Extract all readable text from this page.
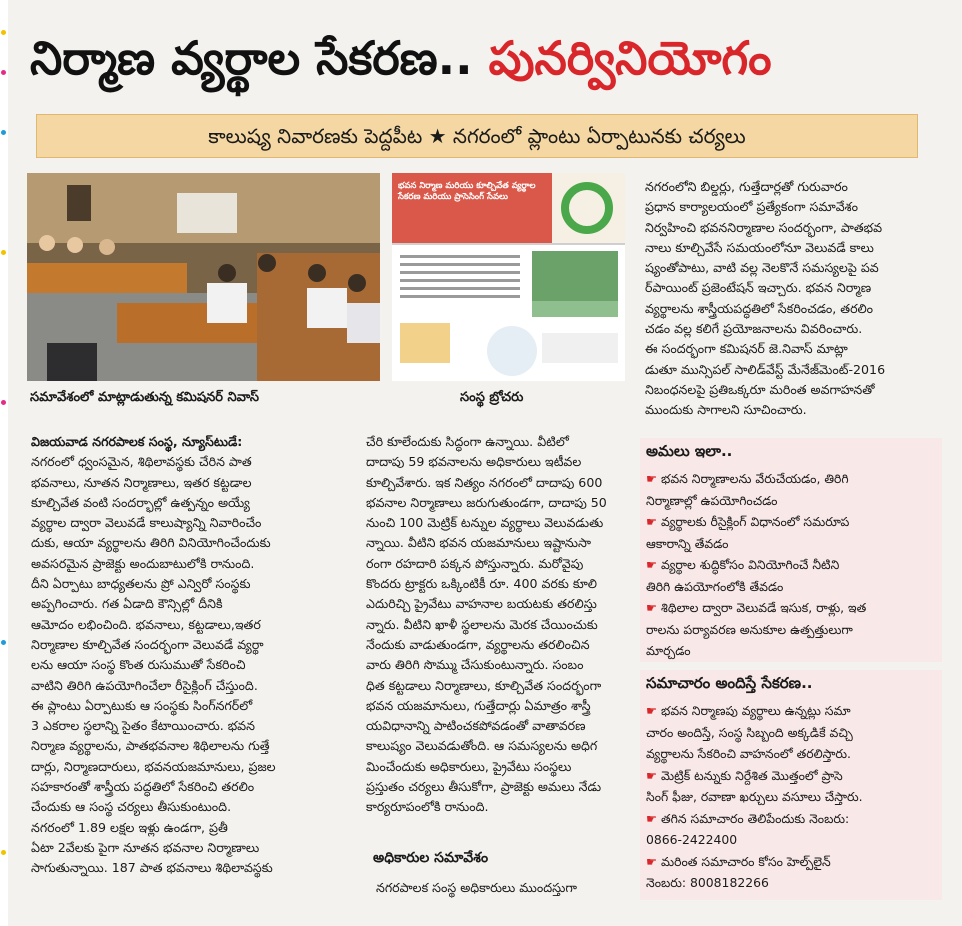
నిర్మాణ వ్యర్థాల సేకరణ.. పునర్వినియోగం
కాలుష్య నివారణకు పెద్దపీట ★ నగరంలో ప్లాంటు ఏర్పాటునకు చర్యలు
సమావేశంలో మాట్లాడుతున్న కమిషనర్ నివాస్
భవన నిర్మాణ మరియు కూల్చివేత వ్యర్థాల సేకరణ మరియు ప్రాసెసింగ్ సేవలు
సంస్థ బ్రోచరు

విజయవాడ నగరపాలక సంస్థ, న్యూస్‌టుడే:

నగరంలో ధ్వంసమైన, శిథిలావస్థకు చేరిన పాత

భవనాలు, నూతన నిర్మాణాలు, ఇతర కట్టడాల

కూల్చివేత వంటి సందర్భాల్లో ఉత్పన్నం అయ్యే

వ్యర్థాల ద్వారా వెలువడే కాలుష్యాన్ని నివారించేం

దుకు, ఆయా వ్యర్థాలను తిరిగి వినియోగించేందుకు

అవసరమైన ప్రాజెక్టు అందుబాటులోకి రానుంది.

దీని ఏర్పాటు బాధ్యతలను ప్రో ఎన్విరో సంస్థకు

అప్పగించారు. గత ఏడాది కౌన్సిల్లో దీనికి

ఆమోదం లభించింది. భవనాలు, కట్టడాలు,ఇతర

నిర్మాణాల కూల్చివేత సందర్భంగా వెలువడే వ్యర్థా

లను ఆయా సంస్థ కొంత రుసుముతో సేకరించి

వాటిని తిరిగి ఉపయోగించేలా రీసైక్లింగ్ చేస్తుంది.

ఈ ప్లాంటు ఏర్పాటుకు ఆ సంస్థకు సింగ్‌నగర్‌లో

3 ఎకరాల స్థలాన్ని సైతం కేటాయించారు. భవన

నిర్మాణ వ్యర్థాలను, పాతభవనాల శిథిలాలను గుత్తే

దార్లు, నిర్మాణదారులు, భవనయజమానులు, ప్రజల

సహకారంతో శాస్త్రీయ పద్ధతిలో సేకరించి తరలిం

చేందుకు ఆ సంస్థ చర్యలు తీసుకుంటుంది.

నగరంలో 1.89 లక్షల ఇళ్లు ఉండగా, ప్రతీ

ఏటా 2వేలకు పైగా నూతన భవనాల నిర్మాణాలు

సాగుతున్నాయి. 187 పాత భవనాలు శిథిలావస్థకు

చేరి కూలేందుకు సిద్ధంగా ఉన్నాయి. వీటిలో

దాదాపు 59 భవనాలను అధికారులు ఇటీవల

కూల్చివేశారు. ఇక నిత్యం నగరంలో దాదాపు 600

భవనాల నిర్మాణాలు జరుగుతుండగా, దాదాపు 50

నుంచి 100 మెట్రిక్ టన్నుల వ్యర్థాలు వెలువడుతు

న్నాయి. వీటిని భవన యజమానులు ఇష్టానుసా

రంగా రహదారి పక్కన పోస్తున్నారు. మరోవైపు

కొందరు ట్రాక్టరు ఒక్కింటికీ రూ. 400 వరకు కూలి

ఎదురిచ్చి ప్రైవేటు వాహనాల బయటకు తరలిస్తు

న్నారు. వీటిని ఖాళీ స్థలాలను మెరక చేయించుకు

నేందుకు వాడుతుండగా, వ్యర్థాలను తరలించిన

వారు తిరిగి సొమ్ము చేసుకుంటున్నారు. సంబం

ధిత కట్టడాలు నిర్మాణాలు, కూల్చివేత సందర్భంగా

భవన యజమానులు, గుత్తేదార్లు ఏమాత్రం శాస్త్రీ

యవిధానాన్ని పాటించకపోవడంతో వాతావరణ

కాలుష్యం వెలువడుతోంది. ఆ సమస్యలను అధిగ

మించేందుకు అధికారులు, ప్రైవేటు సంస్థలు

ప్రస్తుతం చర్యలు తీసుకోగా, ప్రాజెక్టు అమలు నేడు

కార్యరూపంలోకి రానుంది.

అధికారుల సమావేశం

నగరపాలక సంస్థ అధికారులు ముందస్తుగా

నగరంలోని బిల్డర్లు, గుత్తేదార్లతో గురువారం

ప్రధాన కార్యాలయంలో ప్రత్యేకంగా సమావేశం

నిర్వహించి భవననిర్మాణాల సందర్భంగా, పాతభవ

నాలు కూల్చివేసే సమయంలోనూ వెలువడే కాలు

ష్యంతోపాటు, వాటి వల్ల నెలకొనే సమస్యలపై పవ

ర్‌పాయింట్ ప్రజెంటేషన్ ఇచ్చారు. భవన నిర్మాణ

వ్యర్థాలను శాస్త్రీయపద్ధతిలో సేకరించడం, తరలిం

చడం వల్ల కలిగే ప్రయోజనాలను వివరించారు.

ఈ సందర్భంగా కమిషనర్ జె.నివాస్ మాట్లా

డుతూ మున్సిపల్ సాలిడ్‌వేస్ట్ మేనేజ్‌మెంట్-2016

నిబంధనలపై ప్రతిఒక్కరూ మరింత అవగాహనతో

ముందుకు సాగాలని సూచించారు.

అమలు ఇలా..

☛ భవన నిర్మాణాలను వేరుచేయడం, తిరిగి

నిర్మాణాల్లో ఉపయోగించడం

☛ వ్యర్థాలకు రీసైక్లింగ్ విధానంలో సమరూప

ఆకారాన్ని తేవడం

☛ వ్యర్థాల శుద్ధికోసం వినియోగించే నీటిని

తిరిగి ఉపయోగంలోకి తేవడం

☛ శిథిలాల ద్వారా వెలువడే ఇసుక, రాళ్లు, ఇత

రాలను పర్యావరణ అనుకూల ఉత్పత్తులుగా

మార్చడం

సమాచారం అందిస్తే సేకరణ..

☛ భవన నిర్మాణపు వ్యర్థాలు ఉన్నట్లు సమా

చారం అందిస్తే, సంస్థ సిబ్బంది అక్కడికే వచ్చి

వ్యర్థాలను సేకరించి వాహనంలో తరలిస్తారు.

☛ మెట్రిక్ టన్నుకు నిర్దేశిత మొత్తంలో ప్రాసె

సింగ్ ఫీజు, రవాణా ఖర్చులు వసూలు చేస్తారు.

☛ తగిన సమాచారం తెలిపేందుకు నెంబరు:

0866-2422400

☛ మరింత సమాచారం కోసం హెల్ప్‌లైన్

నెంబరు: 8008182266
